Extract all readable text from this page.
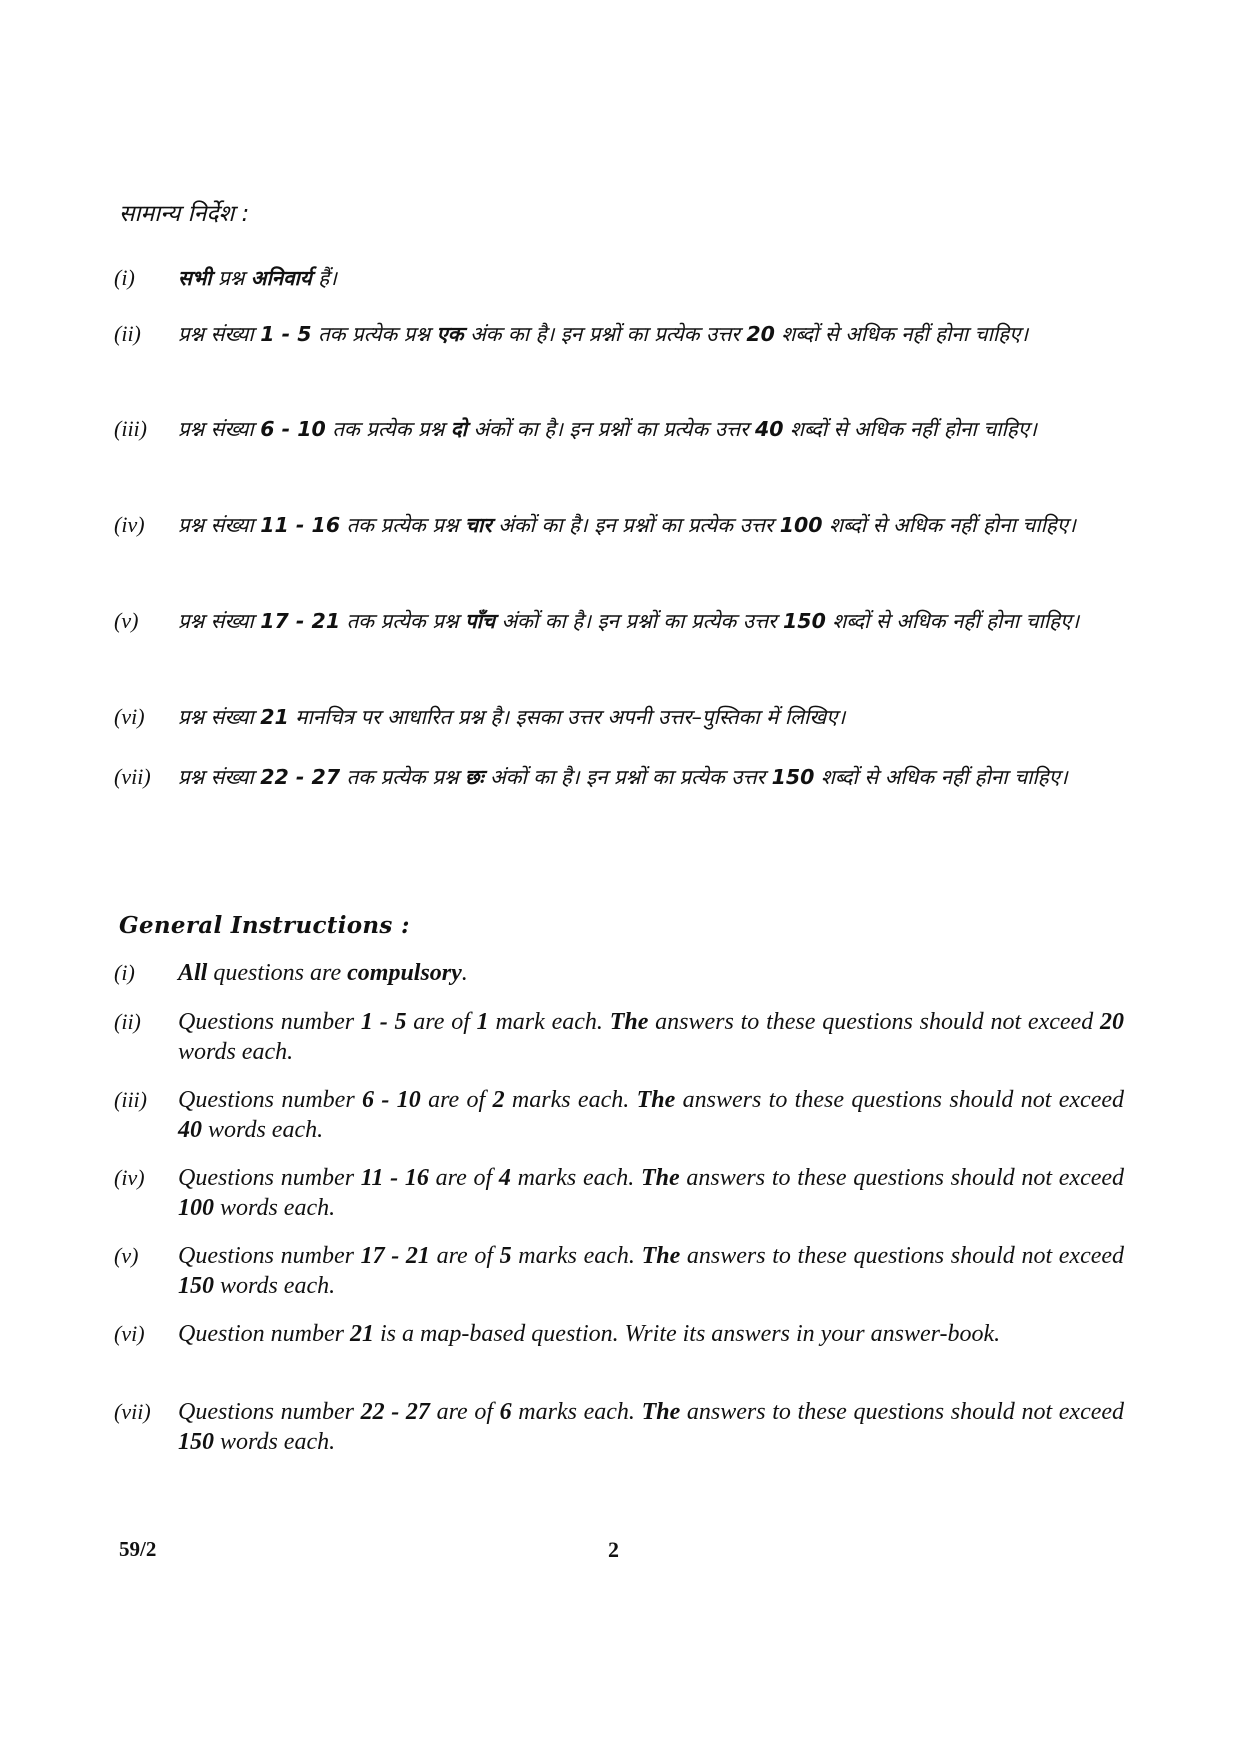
सामान्य निर्देश :
(i)	सभी प्रश्न अनिवार्य हैं।
(ii)	प्रश्न संख्या 1 - 5 तक प्रत्येक प्रश्न एक अंक का है। इन प्रश्नों का प्रत्येक उत्तर 20 शब्दों से अधिक नहीं होना चाहिए।
(iii)	प्रश्न संख्या 6 - 10 तक प्रत्येक प्रश्न दो अंकों का है। इन प्रश्नों का प्रत्येक उत्तर 40 शब्दों से अधिक नहीं होना चाहिए।
(iv)	प्रश्न संख्या 11 - 16 तक प्रत्येक प्रश्न चार अंकों का है। इन प्रश्नों का प्रत्येक उत्तर 100 शब्दों से अधिक नहीं होना चाहिए।
(v)	प्रश्न संख्या 17 - 21 तक प्रत्येक प्रश्न पाँच अंकों का है। इन प्रश्नों का प्रत्येक उत्तर 150 शब्दों से अधिक नहीं होना चाहिए।
(vi)	प्रश्न संख्या 21 मानचित्र पर आधारित प्रश्न है। इसका उत्तर अपनी उत्तर–पुस्तिका में लिखिए।
(vii)	प्रश्न संख्या 22 - 27 तक प्रत्येक प्रश्न छः अंकों का है। इन प्रश्नों का प्रत्येक उत्तर 150 शब्दों से अधिक नहीं होना चाहिए।
General Instructions :
(i)	All questions are compulsory.
(ii)	Questions number 1 - 5 are of 1 mark each. The answers to these questions should not exceed 20 words each.
(iii)	Questions number 6 - 10 are of 2 marks each. The answers to these questions should not exceed 40 words each.
(iv)	Questions number 11 - 16 are of 4 marks each. The answers to these questions should not exceed 100 words each.
(v)	Questions number 17 - 21 are of 5 marks each. The answers to these questions should not exceed 150 words each.
(vi)	Question number 21 is a map-based question. Write its answers in your answer-book.
(vii)	Questions number 22 - 27 are of 6 marks each. The answers to these questions should not exceed 150 words each.
59/2	2
